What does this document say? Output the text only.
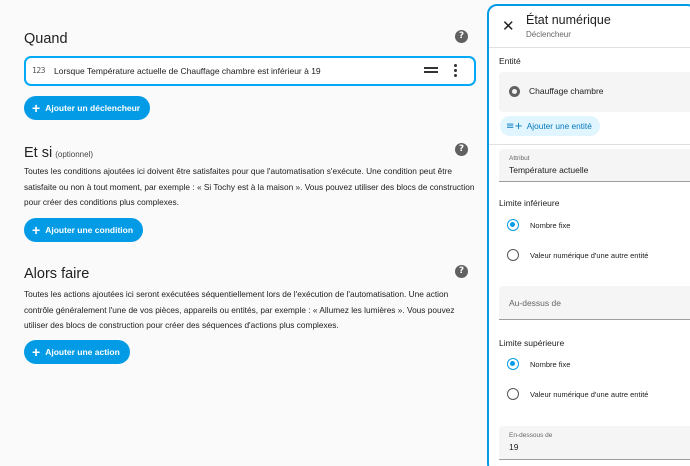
Quand	?
123 Lorsque Température actuelle de Chauffage chambre est inférieur à 19
+ Ajouter un déclencheur
Et si (optionnel)
?
Toutes les conditions ajoutées ici doivent être satisfaites pour que l'automatisation s'exécute. Une condition peut être satisfaite ou non à tout moment, par exemple : « Si Tochy est à la maison ». Vous pouvez utiliser des blocs de construction pour créer des conditions plus complexes.
+ Ajouter une condition
Alors faire	?
Toutes les actions ajoutées ici seront exécutées séquentiellement lors de l'exécution de l'automatisation. Une action contrôle généralement l'une de vos pièces, appareils ou entités, par exemple : « Allumez les lumières ». Vous pouvez utiliser des blocs de construction pour créer des séquences d'actions plus complexes.
+ Ajouter une action
✕ État numérique
Déclencheur
Entité
Chauffage chambre
≡+ Ajouter une entité
Attribut
Température actuelle
Limite inférieure
Nombre fixe
Valeur numérique d'une autre entité
Au-dessus de
Limite supérieure
Nombre fixe
Valeur numérique d'une autre entité
En-dessous de
19
